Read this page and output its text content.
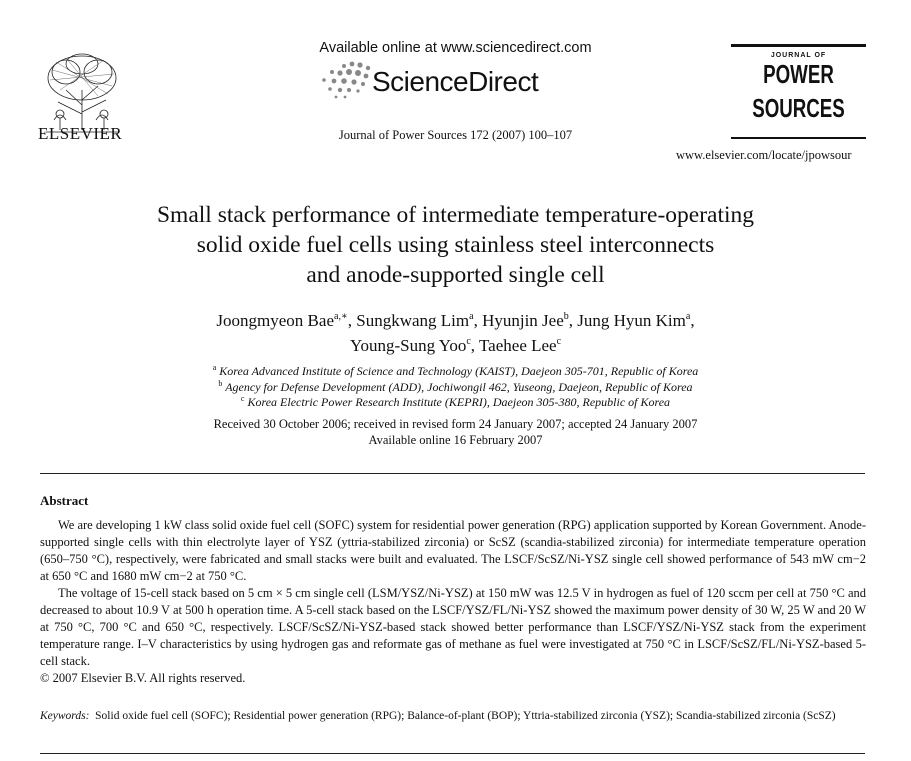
ELSEVIER
Available online at www.sciencedirect.com
ScienceDirect
Journal of Power Sources 172 (2007) 100–107
JOURNAL OF
POWER
SOURCES
www.elsevier.com/locate/jpowsour
Small stack performance of intermediate temperature-operating
solid oxide fuel cells using stainless steel interconnects
and anode-supported single cell
Joongmyeon Bae$^{a,∗}$, Sungkwang Lim$^a$, Hyunjin Jee$^b$, Jung Hyun Kim$^a$,
Young-Sung Yoo$^c$, Taehee Lee$^c$
$^a$ Korea Advanced Institute of Science and Technology (KAIST), Daejeon 305-701, Republic of Korea
$^b$ Agency for Defense Development (ADD), Jochiwongil 462, Yuseong, Daejeon, Republic of Korea
$^c$ Korea Electric Power Research Institute (KEPRI), Daejeon 305-380, Republic of Korea
Received 30 October 2006; received in revised form 24 January 2007; accepted 24 January 2007
Available online 16 February 2007
Abstract

We are developing 1 kW class solid oxide fuel cell (SOFC) system for residential power generation (RPG) application supported by Korean Government. Anode-supported single cells with thin electrolyte layer of YSZ (yttria-stabilized zirconia) or ScSZ (scandia-stabilized zirconia) for intermediate temperature operation (650–750 °C), respectively, were fabricated and small stacks were built and evaluated. The LSCF/ScSZ/Ni-YSZ single cell showed performance of 543 mW cm−2 at 650 °C and 1680 mW cm−2 at 750 °C.

The voltage of 15-cell stack based on 5 cm × 5 cm single cell (LSM/YSZ/Ni-YSZ) at 150 mW was 12.5 V in hydrogen as fuel of 120 sccm per cell at 750 °C and decreased to about 10.9 V at 500 h operation time. A 5-cell stack based on the LSCF/YSZ/FL/Ni-YSZ showed the maximum power density of 30 W, 25 W and 20 W at 750 °C, 700 °C and 650 °C, respectively. LSCF/ScSZ/Ni-YSZ-based stack showed better performance than LSCF/YSZ/Ni-YSZ stack from the experiment temperature range. I–V characteristics by using hydrogen gas and reformate gas of methane as fuel were investigated at 750 °C in LSCF/ScSZ/FL/Ni-YSZ-based 5-cell stack.

© 2007 Elsevier B.V. All rights reserved.

Keywords: Solid oxide fuel cell (SOFC); Residential power generation (RPG); Balance-of-plant (BOP); Yttria-stabilized zirconia (YSZ); Scandia-stabilized zirconia (ScSZ)
